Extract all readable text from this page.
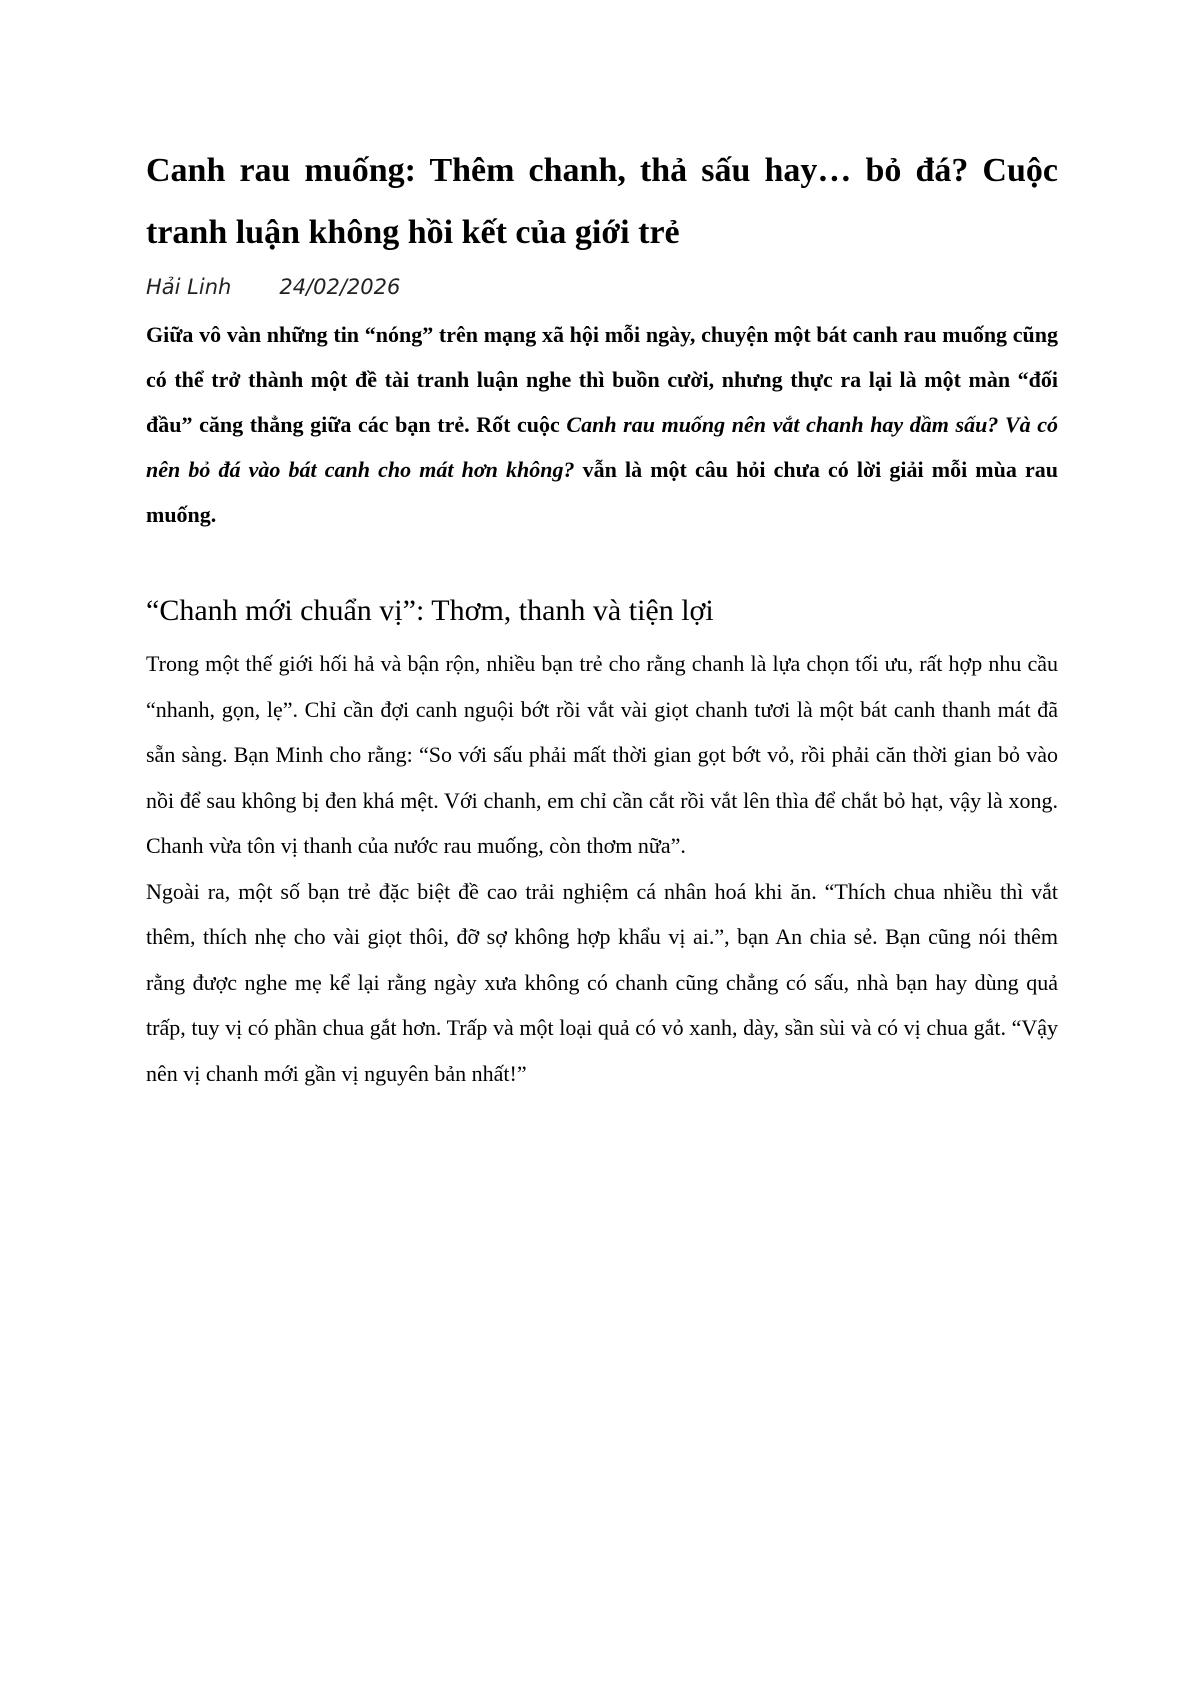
Canh rau muống: Thêm chanh, thả sấu hay… bỏ đá? Cuộc tranh luận không hồi kết của giới trẻ
Hải Linh 24/02/2026

Giữa vô vàn những tin “nóng” trên mạng xã hội mỗi ngày, chuyện một bát canh rau muống cũng có thể trở thành một đề tài tranh luận nghe thì buồn cười, nhưng thực ra lại là một màn “đối đầu” căng thẳng giữa các bạn trẻ. Rốt cuộc Canh rau muống nên vắt chanh hay dầm sấu? Và có nên bỏ đá vào bát canh cho mát hơn không? vẫn là một câu hỏi chưa có lời giải mỗi mùa rau muống.

“Chanh mới chuẩn vị”: Thơm, thanh và tiện lợi

Trong một thế giới hối hả và bận rộn, nhiều bạn trẻ cho rằng chanh là lựa chọn tối ưu, rất hợp nhu cầu “nhanh, gọn, lẹ”. Chỉ cần đợi canh nguội bớt rồi vắt vài giọt chanh tươi là một bát canh thanh mát đã sẵn sàng. Bạn Minh cho rằng: “So với sấu phải mất thời gian gọt bớt vỏ, rồi phải căn thời gian bỏ vào nồi để sau không bị đen khá mệt. Với chanh, em chỉ cần cắt rồi vắt lên thìa để chắt bỏ hạt, vậy là xong. Chanh vừa tôn vị thanh của nước rau muống, còn thơm nữa”.

Ngoài ra, một số bạn trẻ đặc biệt đề cao trải nghiệm cá nhân hoá khi ăn. “Thích chua nhiều thì vắt thêm, thích nhẹ cho vài giọt thôi, đỡ sợ không hợp khẩu vị ai.”, bạn An chia sẻ. Bạn cũng nói thêm rằng được nghe mẹ kể lại rằng ngày xưa không có chanh cũng chẳng có sấu, nhà bạn hay dùng quả trấp, tuy vị có phần chua gắt hơn. Trấp và một loại quả có vỏ xanh, dày, sần sùi và có vị chua gắt. “Vậy nên vị chanh mới gần vị nguyên bản nhất!”
